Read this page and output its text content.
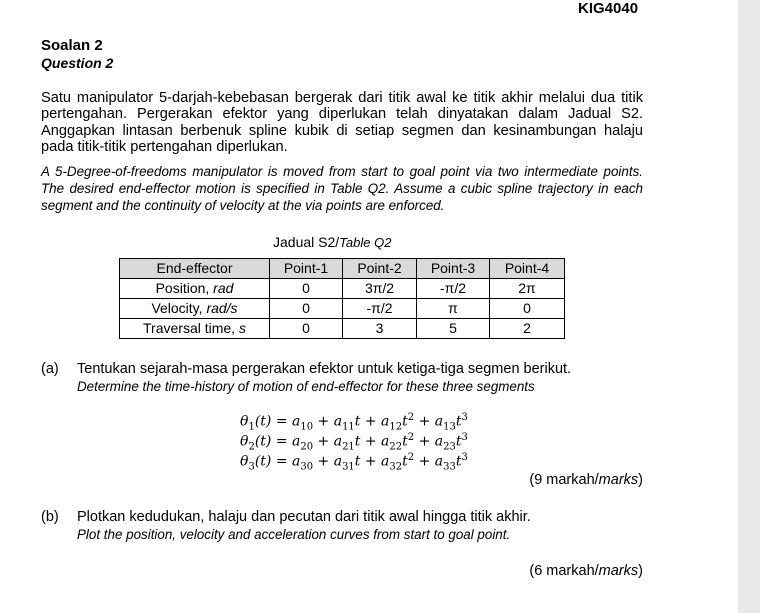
KIG4040
Soalan 2
Question 2
Satu manipulator 5-darjah-kebebasan bergerak dari titik awal ke titik akhir melalui dua titik pertengahan. Pergerakan efektor yang diperlukan telah dinyatakan dalam Jadual S2. Anggapkan lintasan berbenuk spline kubik di setiap segmen dan kesinambungan halaju pada titik-titik pertengahan diperlukan.
A 5-Degree-of-freedoms manipulator is moved from start to goal point via two intermediate points. The desired end-effector motion is specified in Table Q2. Assume a cubic spline trajectory in each segment and the continuity of velocity at the via points are enforced.
Jadual S2/Table Q2
End-effector	Point-1	Point-2	Point-3	Point-4
Position, rad	0	3π/2	-π/2	2π
Velocity, rad/s	0	-π/2	π	0
Traversal time, s	0	3	5	2
(a) Tentukan sejarah-masa pergerakan efektor untuk ketiga-tiga segmen berikut.
Determine the time-history of motion of end-effector for these three segments
$\theta_1(t) = a_{10} + a_{11}t + a_{12}t^2 + a_{13}t^3$
$\theta_2(t) = a_{20} + a_{21}t + a_{22}t^2 + a_{23}t^3$
$\theta_3(t) = a_{30} + a_{31}t + a_{32}t^2 + a_{33}t^3$
(9 markah/marks)
(b) Plotkan kedudukan, halaju dan pecutan dari titik awal hingga titik akhir.
Plot the position, velocity and acceleration curves from start to goal point.
(6 markah/marks)
